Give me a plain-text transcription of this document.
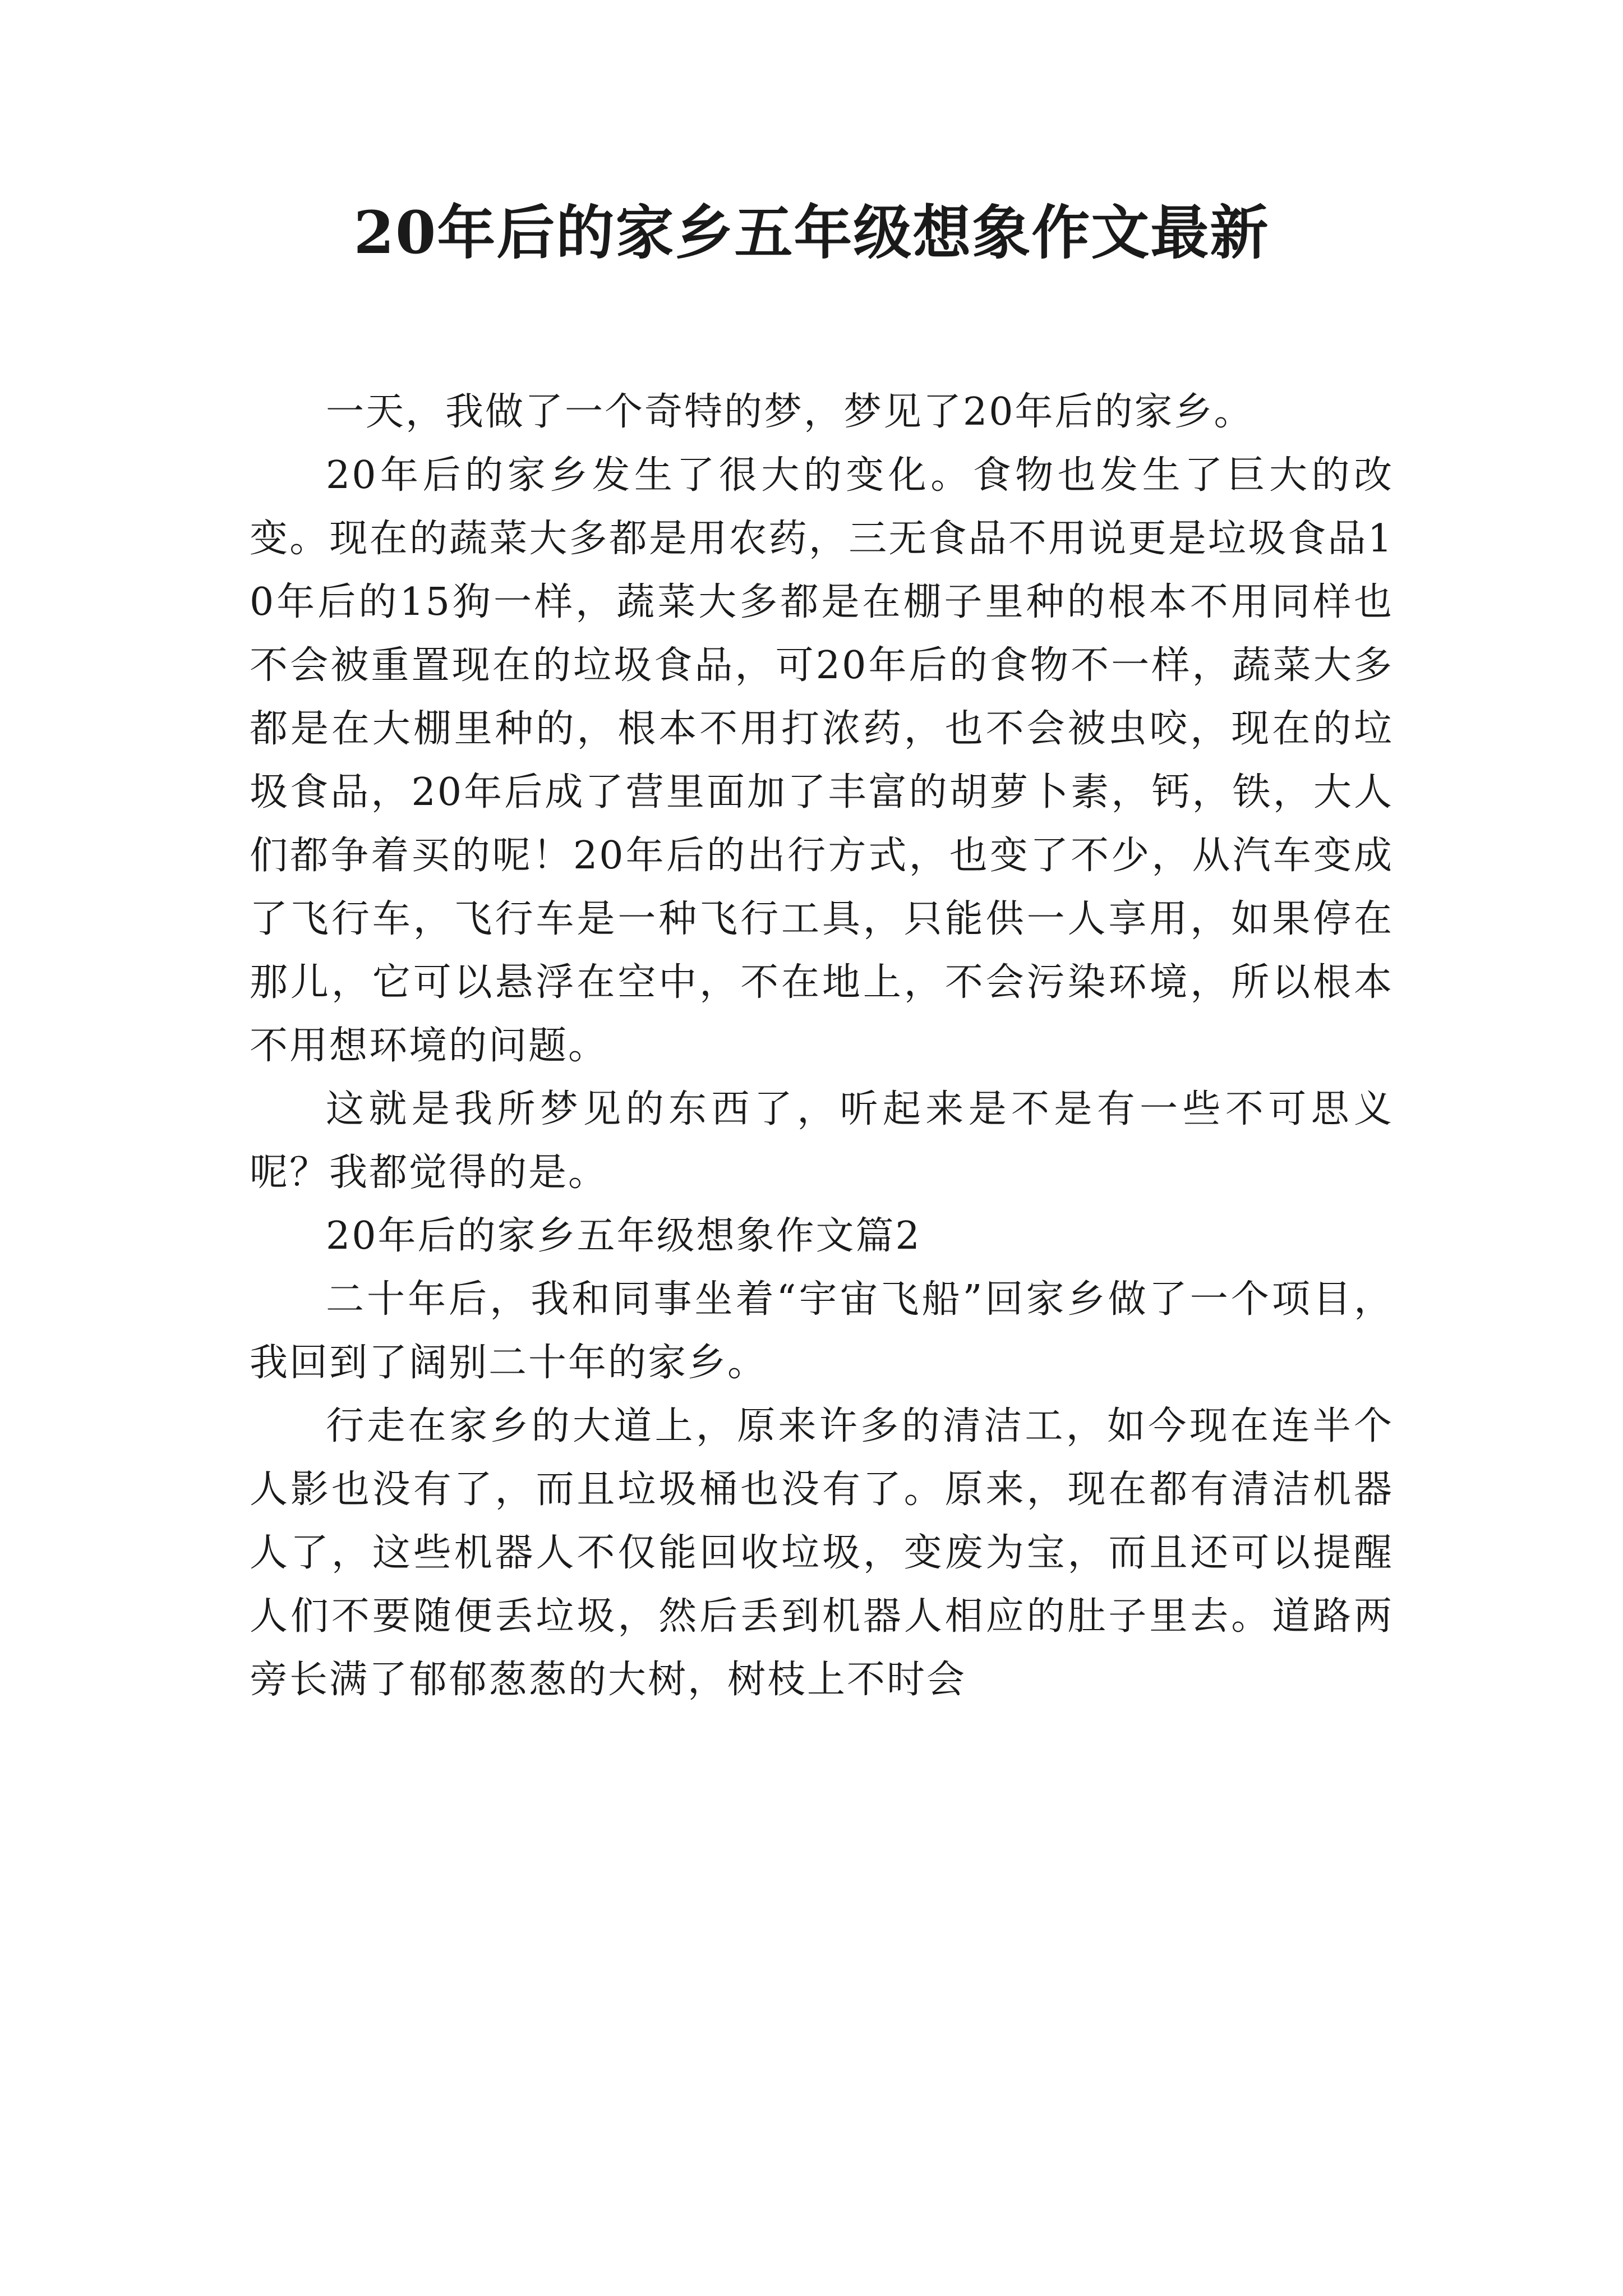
20年后的家乡五年级想象作文最新

一天，我做了一个奇特的梦，梦见了20年后的家乡。

20年后的家乡发生了很大的变化。食物也发生了巨大的改变。现在的蔬菜大多都是用农药，三无食品不用说更是垃圾食品10年后的15狗一样，蔬菜大多都是在棚子里种的根本不用同样也不会被重置现在的垃圾食品，可20年后的食物不一样，蔬菜大多都是在大棚里种的，根本不用打浓药，也不会被虫咬，现在的垃圾食品，20年后成了营里面加了丰富的胡萝卜素，钙，铁，大人们都争着买的呢！20年后的出行方式，也变了不少，从汽车变成了飞行车，飞行车是一种飞行工具，只能供一人享用，如果停在那儿，它可以悬浮在空中，不在地上，不会污染环境，所以根本不用想环境的问题。

这就是我所梦见的东西了，听起来是不是有一些不可思义呢？我都觉得的是。

20年后的家乡五年级想象作文篇2

二十年后，我和同事坐着“宇宙飞船”回家乡做了一个项目，我回到了阔别二十年的家乡。

行走在家乡的大道上，原来许多的清洁工，如今现在连半个人影也没有了，而且垃圾桶也没有了。原来，现在都有清洁机器人了，这些机器人不仅能回收垃圾，变废为宝，而且还可以提醒人们不要随便丢垃圾，然后丢到机器人相应的肚子里去。道路两旁长满了郁郁葱葱的大树，树枝上不时会
